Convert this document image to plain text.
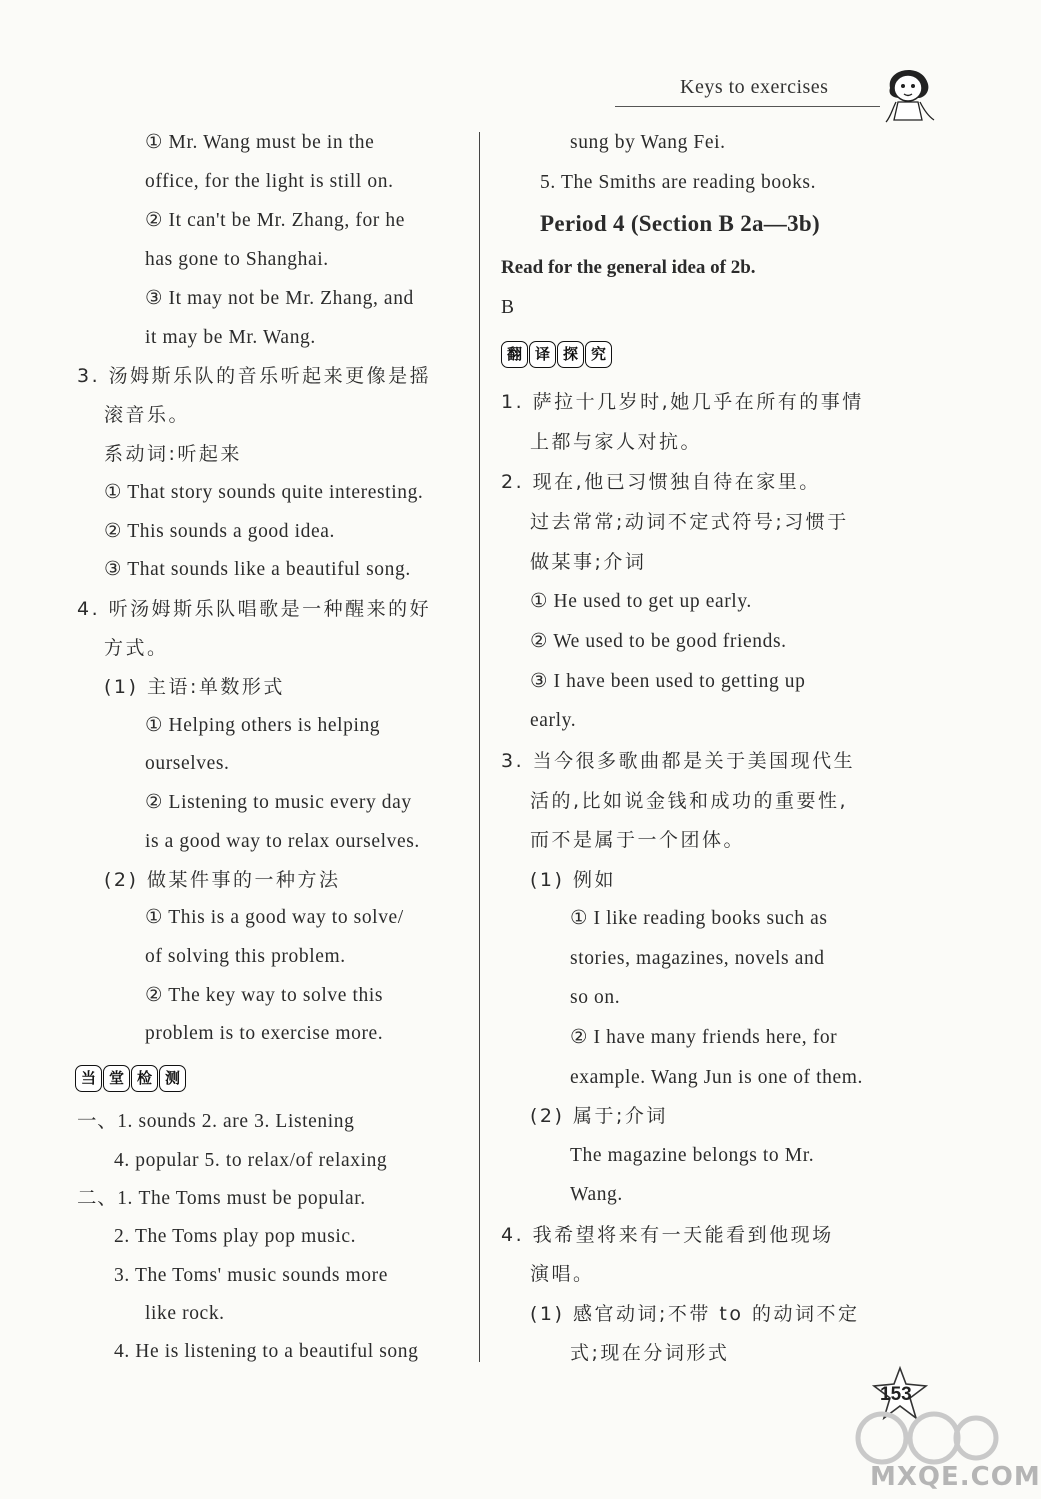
Keys to exercises
① Mr. Wang must be in the
office, for the light is still on.
② It can't be Mr. Zhang, for he
has gone to Shanghai.
③ It may not be Mr. Zhang, and
it may be Mr. Wang.
3. 汤姆斯乐队的音乐听起来更像是摇
滚音乐。
系动词:听起来
① That story sounds quite interesting.
② This sounds a good idea.
③ That sounds like a beautiful song.
4. 听汤姆斯乐队唱歌是一种醒来的好
方式。
(1) 主语:单数形式
① Helping others is helping
ourselves.
② Listening to music every day
is a good way to relax ourselves.
(2) 做某件事的一种方法
① This is a good way to solve/
of solving this problem.
② The key way to solve this
problem is to exercise more.
当 堂 检 测
一、1. sounds 2. are 3. Listening
4. popular 5. to relax/of relaxing
二、1. The Toms must be popular.
2. The Toms play pop music.
3. The Toms' music sounds more
like rock.
4. He is listening to a beautiful song
sung by Wang Fei.
5. The Smiths are reading books.
Period 4 (Section B 2a—3b)
Read for the general idea of 2b.
B
翻 译 探 究
1. 萨拉十几岁时,她几乎在所有的事情
上都与家人对抗。
2. 现在,他已习惯独自待在家里。
过去常常;动词不定式符号;习惯于
做某事;介词
① He used to get up early.
② We used to be good friends.
③ I have been used to getting up
early.
3. 当今很多歌曲都是关于美国现代生
活的,比如说金钱和成功的重要性,
而不是属于一个团体。
(1) 例如
① I like reading books such as
stories, magazines, novels and
so on.
② I have many friends here, for
example. Wang Jun is one of them.
(2) 属于;介词
The magazine belongs to Mr.
Wang.
4. 我希望将来有一天能看到他现场
演唱。
(1) 感官动词;不带 to 的动词不定
式;现在分词形式
153
MXQE.COM
